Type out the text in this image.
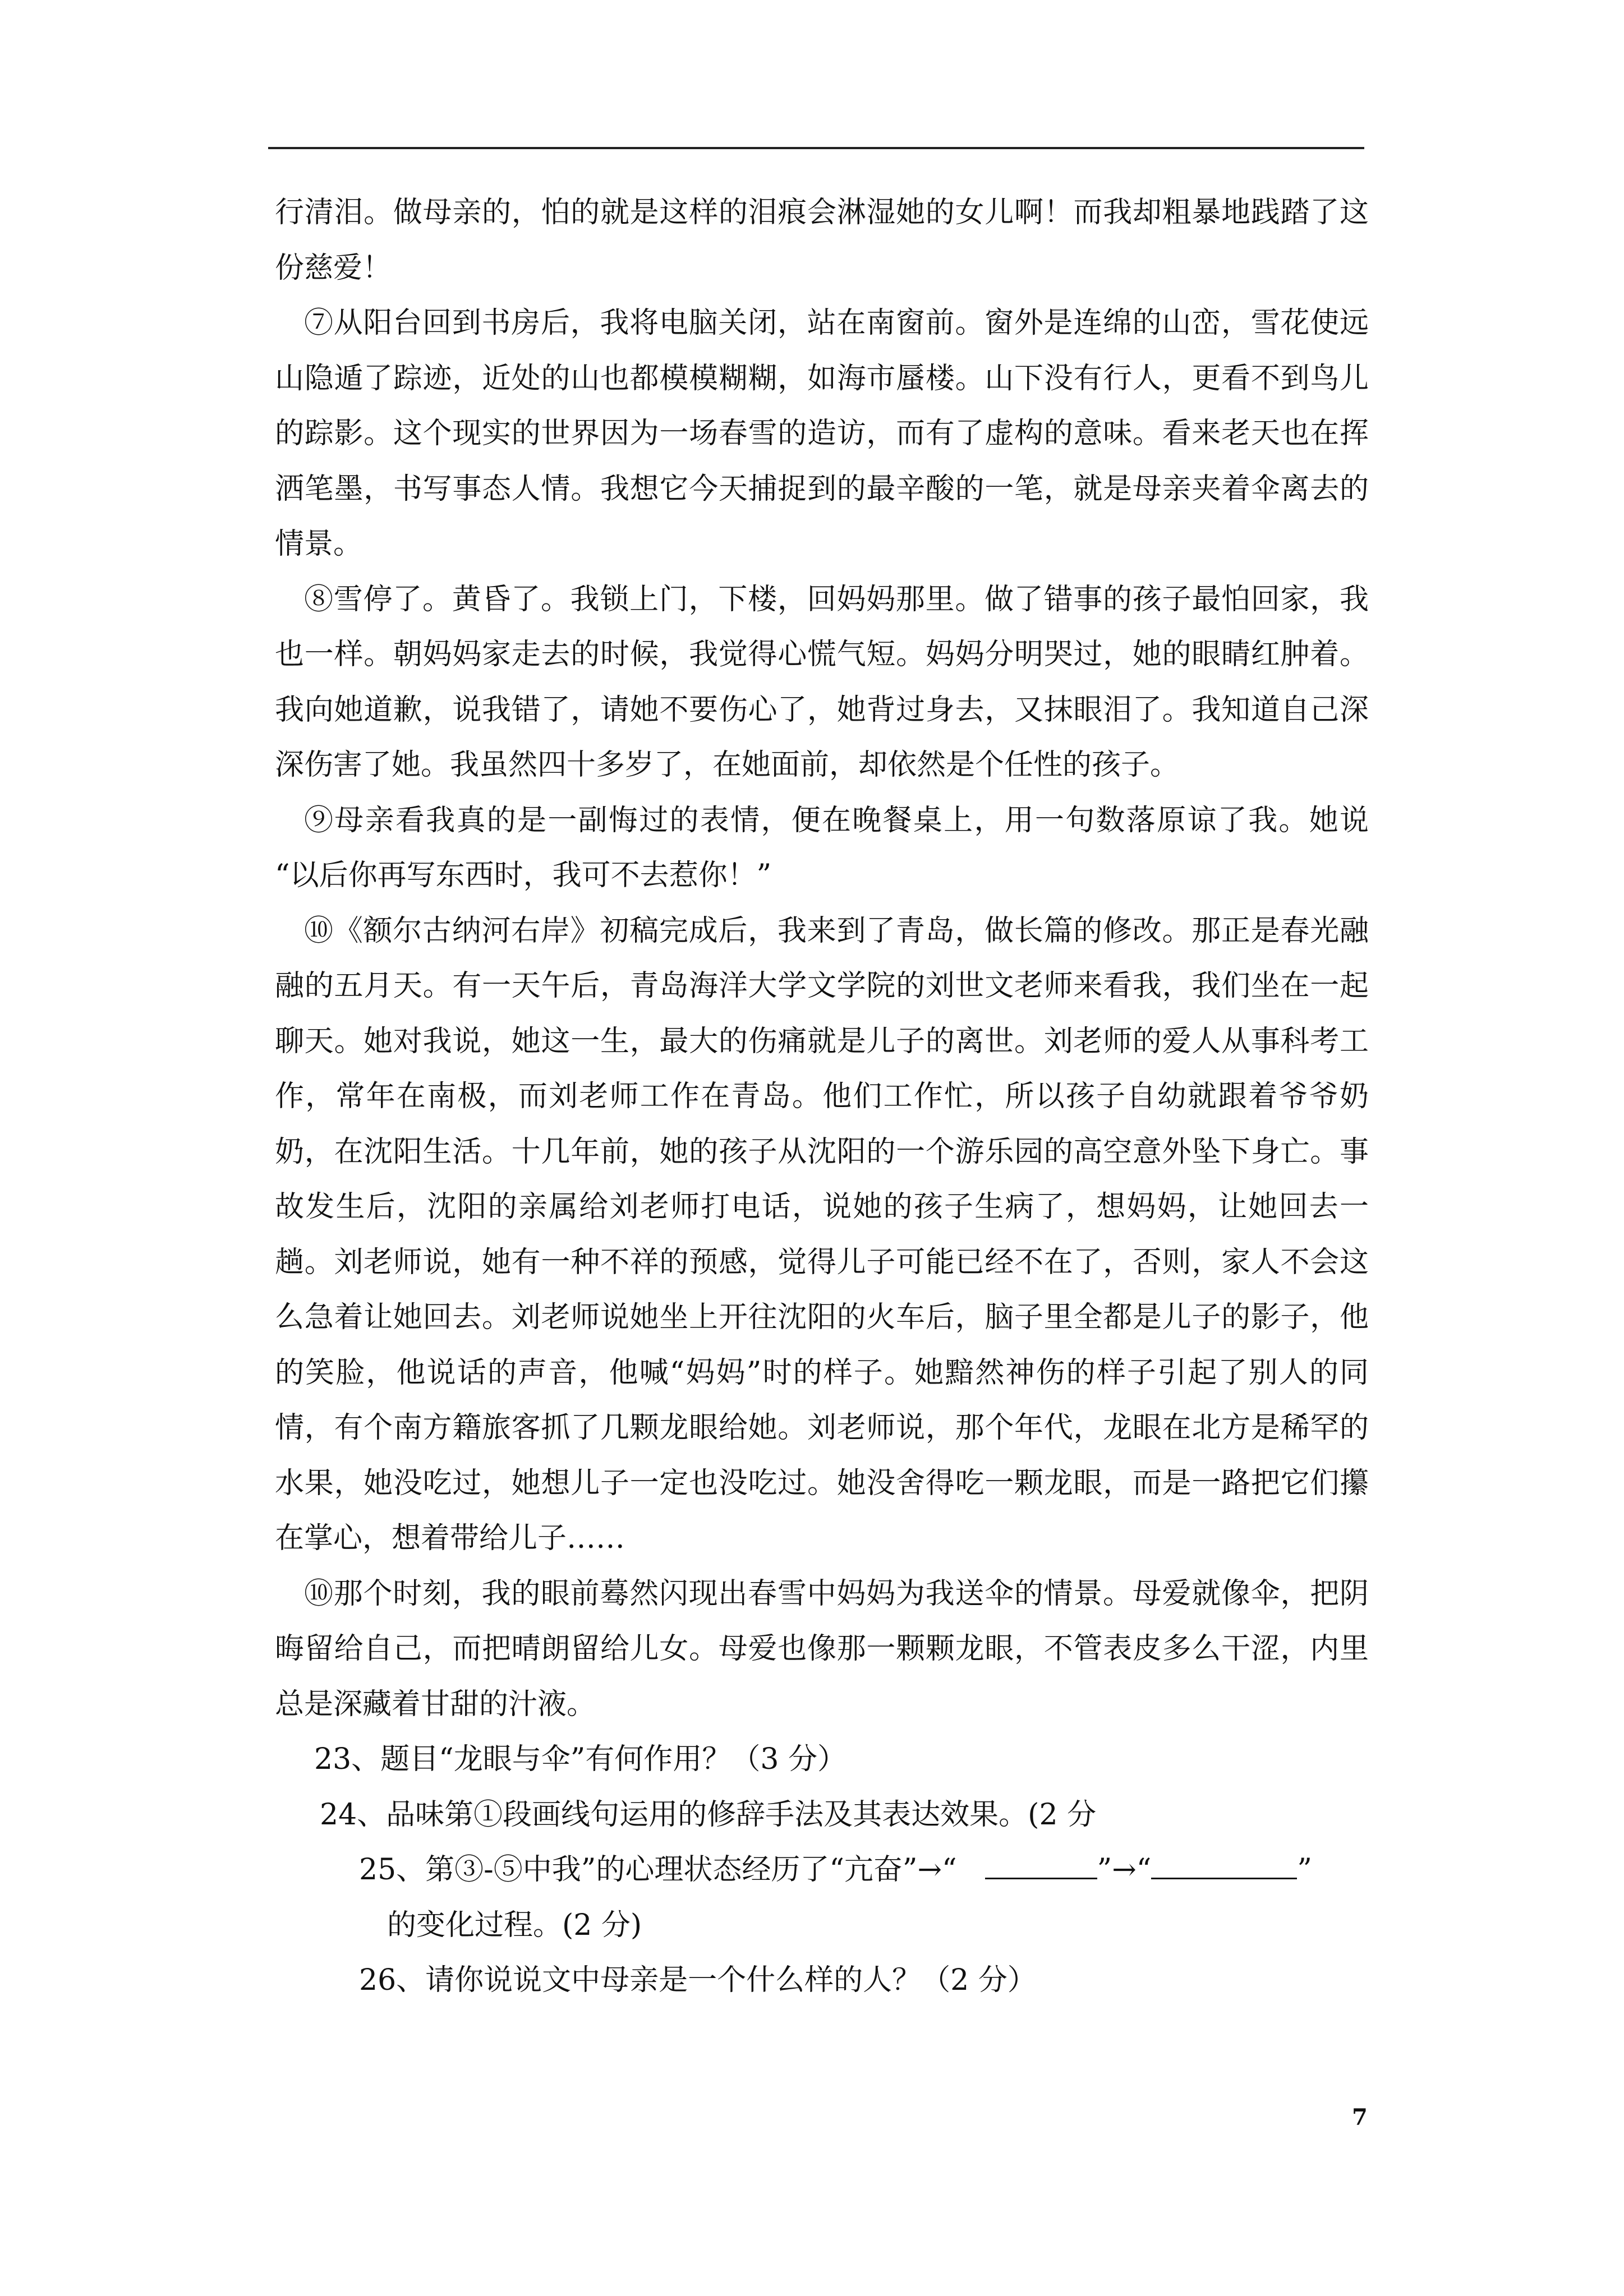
行清泪。做母亲的，怕的就是这样的泪痕会淋湿她的女儿啊！而我却粗暴地践踏了这份慈爱！

⑦从阳台回到书房后，我将电脑关闭，站在南窗前。窗外是连绵的山峦，雪花使远山隐遁了踪迹，近处的山也都模模糊糊，如海市蜃楼。山下没有行人，更看不到鸟儿的踪影。这个现实的世界因为一场春雪的造访，而有了虚构的意味。看来老天也在挥洒笔墨，书写事态人情。我想它今天捕捉到的最辛酸的一笔，就是母亲夹着伞离去的情景。

⑧雪停了。黄昏了。我锁上门，下楼，回妈妈那里。做了错事的孩子最怕回家，我也一样。朝妈妈家走去的时候，我觉得心慌气短。妈妈分明哭过，她的眼睛红肿着。我向她道歉，说我错了，请她不要伤心了，她背过身去，又抹眼泪了。我知道自己深深伤害了她。我虽然四十多岁了，在她面前，却依然是个任性的孩子。

⑨母亲看我真的是一副悔过的表情，便在晚餐桌上，用一句数落原谅了我。她说 “以后你再写东西时，我可不去惹你！”

⑩《额尔古纳河右岸》初稿完成后，我来到了青岛，做长篇的修改。那正是春光融融的五月天。有一天午后，青岛海洋大学文学院的刘世文老师来看我，我们坐在一起聊天。她对我说，她这一生，最大的伤痛就是儿子的离世。刘老师的爱人从事科考工作，常年在南极，而刘老师工作在青岛。他们工作忙，所以孩子自幼就跟着爷爷奶奶，在沈阳生活。十几年前，她的孩子从沈阳的一个游乐园的高空意外坠下身亡。事故发生后，沈阳的亲属给刘老师打电话，说她的孩子生病了，想妈妈，让她回去一趟。刘老师说，她有一种不祥的预感，觉得儿子可能已经不在了，否则，家人不会这么急着让她回去。刘老师说她坐上开往沈阳的火车后，脑子里全都是儿子的影子，他的笑脸，他说话的声音，他喊“妈妈”时的样子。她黯然神伤的样子引起了别人的同情，有个南方籍旅客抓了几颗龙眼给她。刘老师说，那个年代，龙眼在北方是稀罕的水果，她没吃过，她想儿子一定也没吃过。她没舍得吃一颗龙眼，而是一路把它们攥在掌心，想着带给儿子……

⑩那个时刻，我的眼前蓦然闪现出春雪中妈妈为我送伞的情景。母爱就像伞，把阴晦留给自己，而把晴朗留给儿女。母爱也像那一颗颗龙眼，不管表皮多么干涩，内里总是深藏着甘甜的汁液。

23、题目“龙眼与伞”有何作用？（3 分）

24、品味第①段画线句运用的修辞手法及其表达效果。(2 分

25、第③-⑤中我”的心理状态经历了“亢奋”→“	”→“	”

的变化过程。(2 分)

26、请你说说文中母亲是一个什么样的人？（2 分）

7
